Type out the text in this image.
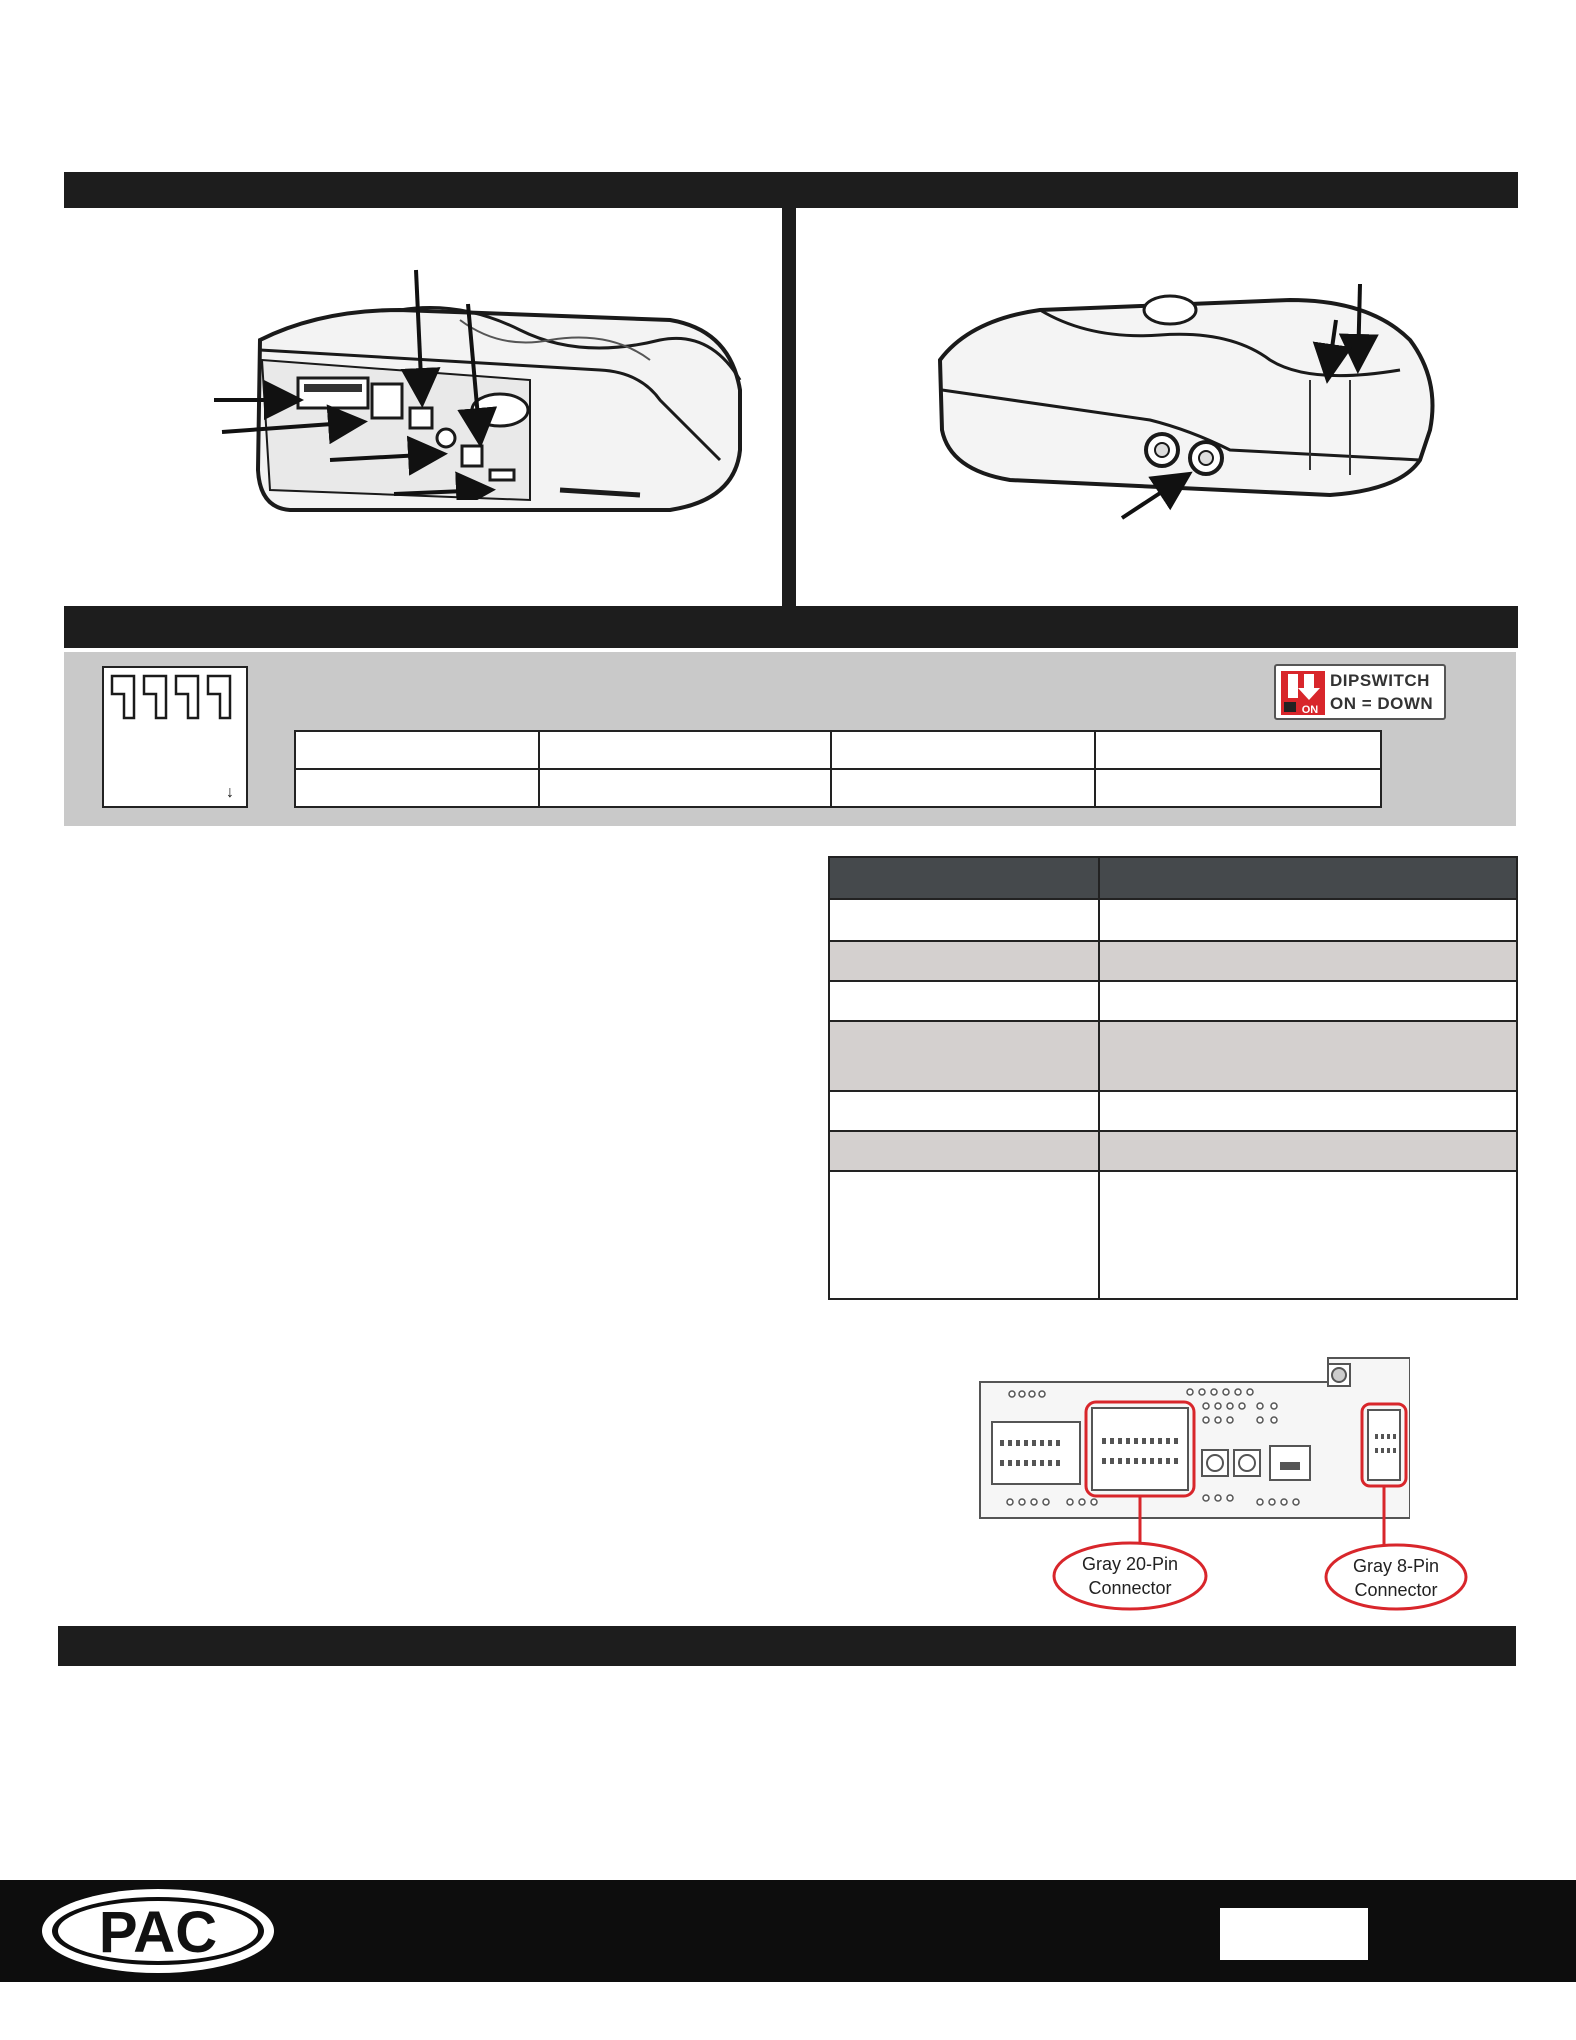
↓

ON
DIPSWITCH
ON = DOWN

Gray 20-Pin
Connector
Gray 8-Pin
Connector
PAC
